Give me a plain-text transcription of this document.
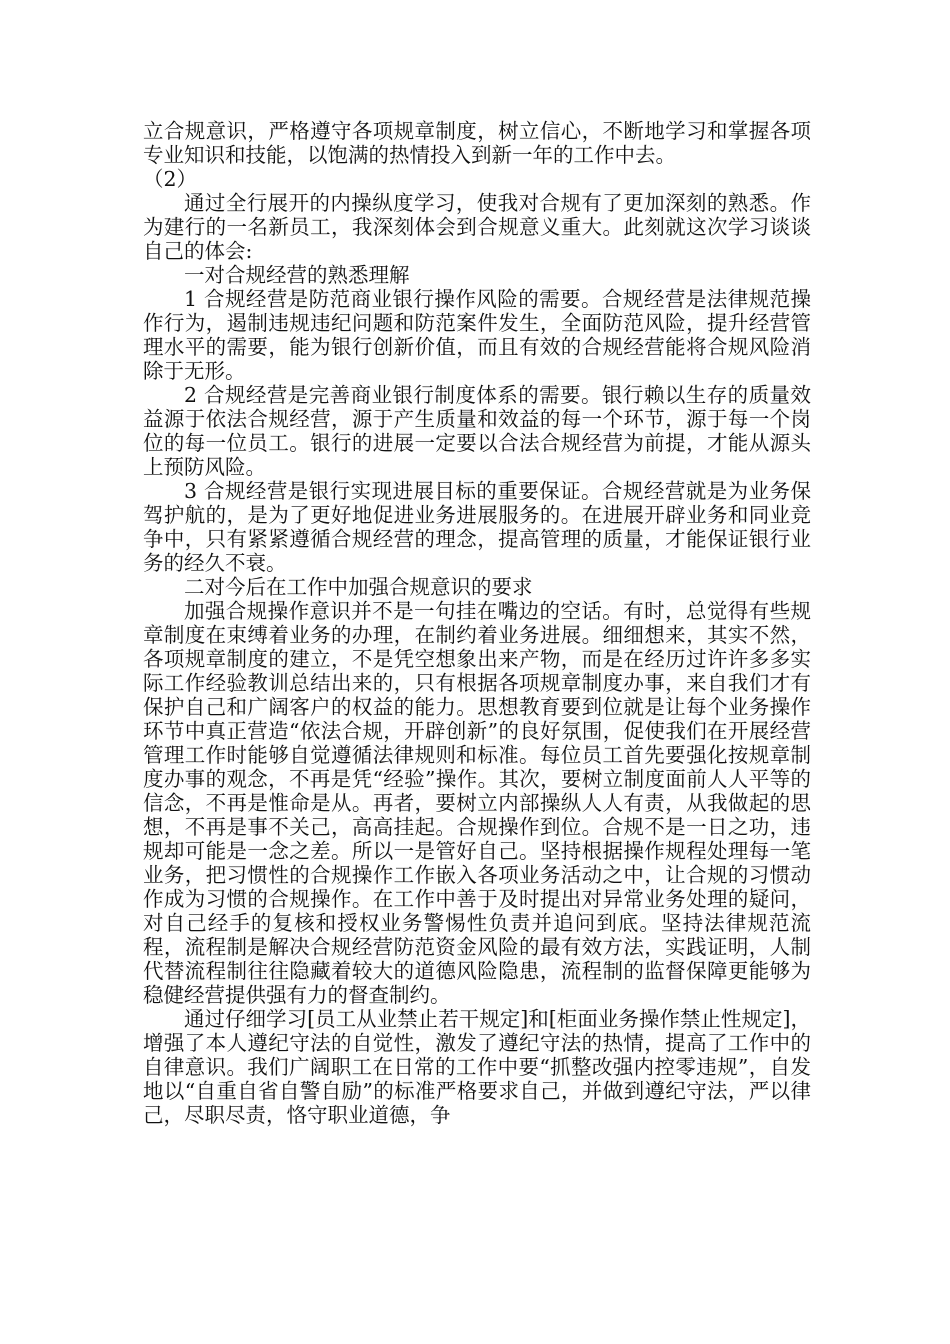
立合规意识，严格遵守各项规章制度，树立信心，不断地学习和掌握各项专业知识和技能，以饱满的热情投入到新一年的工作中去。

（2）

通过全行展开的内操纵度学习，使我对合规有了更加深刻的熟悉。作为建行的一名新员工，我深刻体会到合规意义重大。此刻就这次学习谈谈自己的体会:

一对合规经营的熟悉理解

1 合规经营是防范商业银行操作风险的需要。合规经营是法律规范操作行为，遏制违规违纪问题和防范案件发生，全面防范风险，提升经营管理水平的需要，能为银行创新价值，而且有效的合规经营能将合规风险消除于无形。

2 合规经营是完善商业银行制度体系的需要。银行赖以生存的质量效益源于依法合规经营，源于产生质量和效益的每一个环节，源于每一个岗位的每一位员工。银行的进展一定要以合法合规经营为前提，才能从源头上预防风险。

3 合规经营是银行实现进展目标的重要保证。合规经营就是为业务保驾护航的，是为了更好地促进业务进展服务的。在进展开辟业务和同业竞争中，只有紧紧遵循合规经营的理念，提高管理的质量，才能保证银行业务的经久不衰。

二对今后在工作中加强合规意识的要求

加强合规操作意识并不是一句挂在嘴边的空话。有时，总觉得有些规章制度在束缚着业务的办理，在制约着业务进展。细细想来，其实不然，各项规章制度的建立，不是凭空想象出来产物，而是在经历过许许多多实际工作经验教训总结出来的，只有根据各项规章制度办事，来自我们才有保护自己和广阔客户的权益的能力。思想教育要到位就是让每个业务操作环节中真正营造“依法合规，开辟创新”的良好氛围，促使我们在开展经营管理工作时能够自觉遵循法律规则和标准。每位员工首先要强化按规章制度办事的观念，不再是凭“经验”操作。其次，要树立制度面前人人平等的信念，不再是惟命是从。再者，要树立内部操纵人人有责，从我做起的思想，不再是事不关己，高高挂起。合规操作到位。合规不是一日之功，违规却可能是一念之差。所以一是管好自己。坚持根据操作规程处理每一笔业务，把习惯性的合规操作工作嵌入各项业务活动之中，让合规的习惯动作成为习惯的合规操作。在工作中善于及时提出对异常业务处理的疑问，对自己经手的复核和授权业务警惕性负责并追问到底。坚持法律规范流程，流程制是解决合规经营防范资金风险的最有效方法，实践证明，人制代替流程制往往隐藏着较大的道德风险隐患，流程制的监督保障更能够为稳健经营提供强有力的督查制约。

通过仔细学习[员工从业禁止若干规定]和[柜面业务操作禁止性规定]，增强了本人遵纪守法的自觉性，激发了遵纪守法的热情，提高了工作中的自律意识。我们广阔职工在日常的工作中要“抓整改强内控零违规”，自发地以“自重自省自警自励”的标准严格要求自己，并做到遵纪守法，严以律己，尽职尽责，恪守职业道德，争
